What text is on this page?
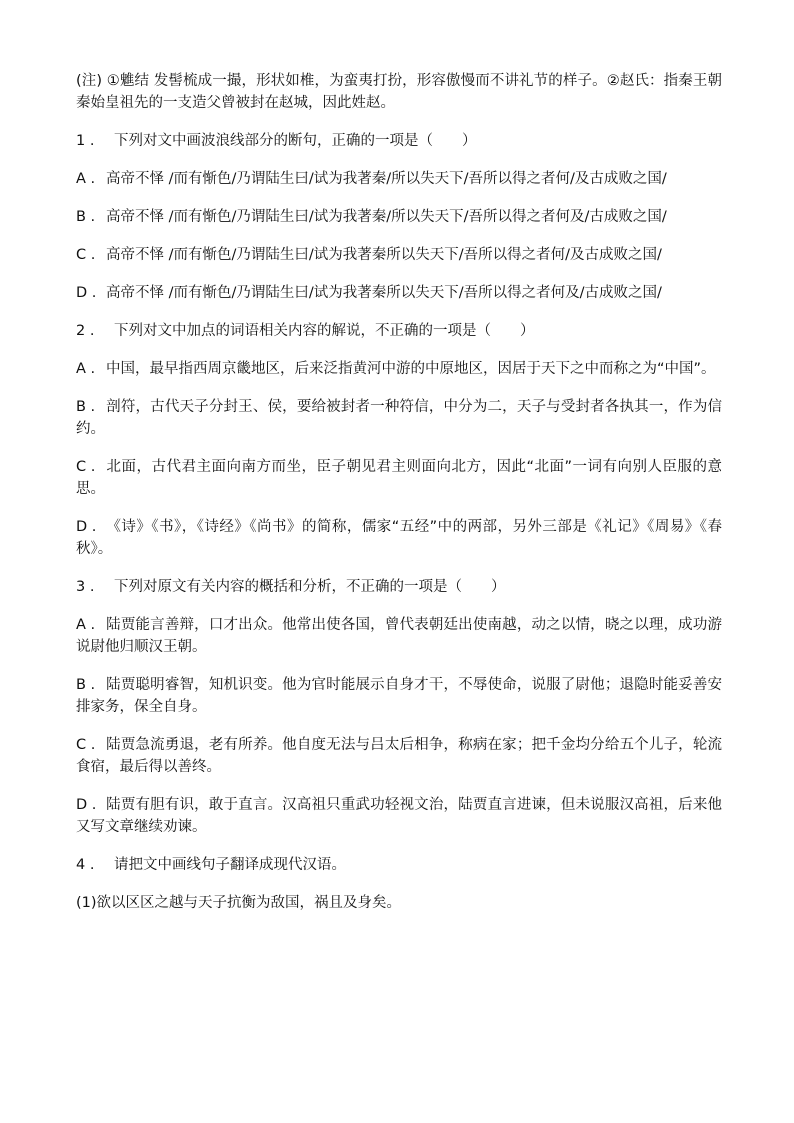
(注) ①魋结 发髻梳成一撮，形状如椎，为蛮夷打扮，形容傲慢而不讲礼节的样子。②赵氏：指秦王朝秦始皇祖先的一支造父曾被封在赵城，因此姓赵。

1 . 下列对文中画波浪线部分的断句，正确的一项是（　　）

A . 高帝不怿 /而有惭色/乃谓陆生曰/试为我著秦/所以失天下/吾所以得之者何/及古成败之国/

B . 高帝不怿 /而有惭色/乃谓陆生曰/试为我著秦/所以失天下/吾所以得之者何及/古成败之国/

C . 高帝不怿 /而有惭色/乃谓陆生曰/试为我著秦所以失天下/吾所以得之者何/及古成败之国/

D . 高帝不怿 /而有惭色/乃谓陆生曰/试为我著秦所以失天下/吾所以得之者何及/古成败之国/

2 . 下列对文中加点的词语相关内容的解说，不正确的一项是（　　）

A . 中国，最早指西周京畿地区，后来泛指黄河中游的中原地区，因居于天下之中而称之为“中国”。

B . 剖符，古代天子分封王、侯，要给被封者一种符信，中分为二，天子与受封者各执其一，作为信约。

C . 北面，古代君主面向南方而坐，臣子朝见君主则面向北方，因此“北面”一词有向别人臣服的意思。

D . 《诗》《书》，《诗经》《尚书》的简称，儒家“五经”中的两部，另外三部是《礼记》《周易》《春秋》。

3 . 下列对原文有关内容的概括和分析，不正确的一项是（　　）

A . 陆贾能言善辩，口才出众。他常出使各国，曾代表朝廷出使南越，动之以情，晓之以理，成功游说尉他归顺汉王朝。

B . 陆贾聪明睿智，知机识变。他为官时能展示自身才干，不辱使命，说服了尉他；退隐时能妥善安排家务，保全自身。

C . 陆贾急流勇退，老有所养。他自度无法与吕太后相争，称病在家；把千金均分给五个儿子，轮流食宿，最后得以善终。

D . 陆贾有胆有识，敢于直言。汉高祖只重武功轻视文治，陆贾直言进谏，但未说服汉高祖，后来他又写文章继续劝谏。

4 . 请把文中画线句子翻译成现代汉语。

(1)欲以区区之越与天子抗衡为敌国，祸且及身矣。
